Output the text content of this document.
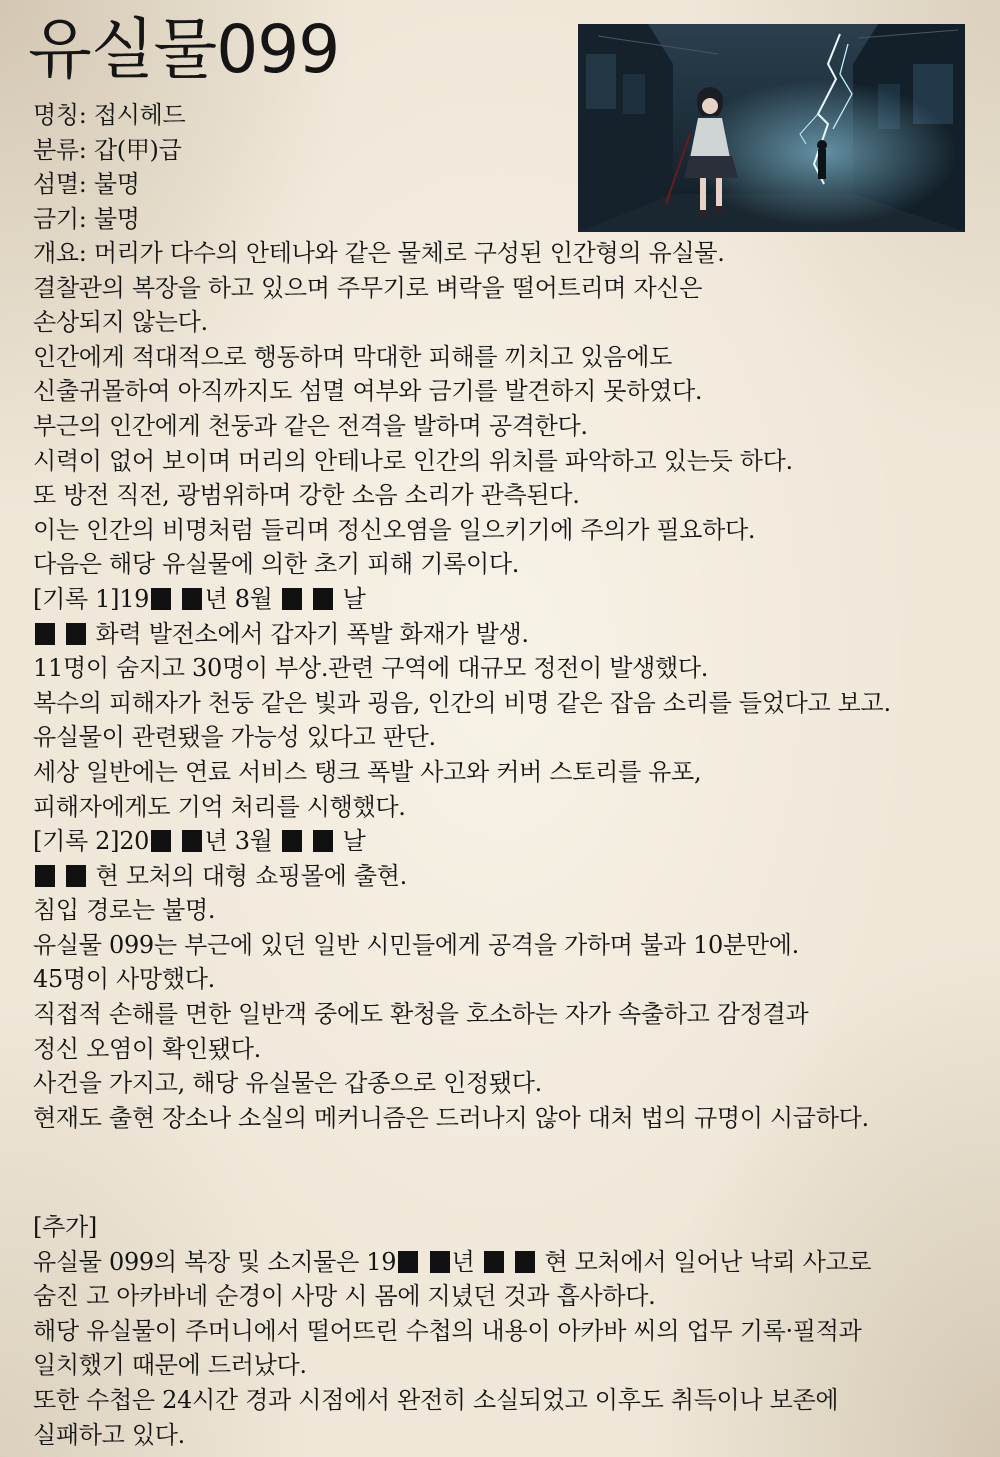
유실물099
명칭: 접시헤드
분류: 갑(甲)급
섬멸: 불명
금기: 불명
개요: 머리가 다수의 안테나와 같은 물체로 구성된 인간형의 유실물.
결찰관의 복장을 하고 있으며 주무기로 벼락을 떨어트리며 자신은
손상되지 않는다.
인간에게 적대적으로 행동하며 막대한 피해를 끼치고 있음에도
신출귀몰하여 아직까지도 섬멸 여부와 금기를 발견하지 못하였다.
부근의 인간에게 천둥과 같은 전격을 발하며 공격한다.
시력이 없어 보이며 머리의 안테나로 인간의 위치를 파악하고 있는듯 하다.
또 방전 직전, 광범위하며 강한 소음 소리가 관측된다.
이는 인간의 비명처럼 들리며 정신오염을 일으키기에 주의가 필요하다.
다음은 해당 유실물에 의한 초기 피해 기록이다.
[기록 1]19 년 8월   날
화력 발전소에서 갑자기 폭발 화재가 발생.
11명이 숨지고 30명이 부상.관련 구역에 대규모 정전이 발생했다.
복수의 피해자가 천둥 같은 빛과 굉음, 인간의 비명 같은 잡음 소리를 들었다고 보고.
유실물이 관련됐을 가능성 있다고 판단.
세상 일반에는 연료 서비스 탱크 폭발 사고와 커버 스토리를 유포,
피해자에게도 기억 처리를 시행했다.
[기록 2]20 년 3월   날
현 모처의 대형 쇼핑몰에 출현.
침입 경로는 불명.
유실물 099는 부근에 있던 일반 시민들에게 공격을 가하며 불과 10분만에.
45명이 사망했다.
직접적 손해를 면한 일반객 중에도 환청을 호소하는 자가 속출하고 감정결과
정신 오염이 확인됐다.
사건을 가지고, 해당 유실물은 갑종으로 인정됐다.
현재도 출현 장소나 소실의 메커니즘은 드러나지 않아 대처 법의 규명이 시급하다.
[추가]
유실물 099의 복장 및 소지물은 19 년   현 모처에서 일어난 낙뢰 사고로
숨진 고 아카바네 순경이 사망 시 몸에 지녔던 것과 흡사하다.
해당 유실물이 주머니에서 떨어뜨린 수첩의 내용이 아카바 씨의 업무 기록·필적과
일치했기 때문에 드러났다.
또한 수첩은 24시간 경과 시점에서 완전히 소실되었고 이후도 취득이나 보존에
실패하고 있다.
